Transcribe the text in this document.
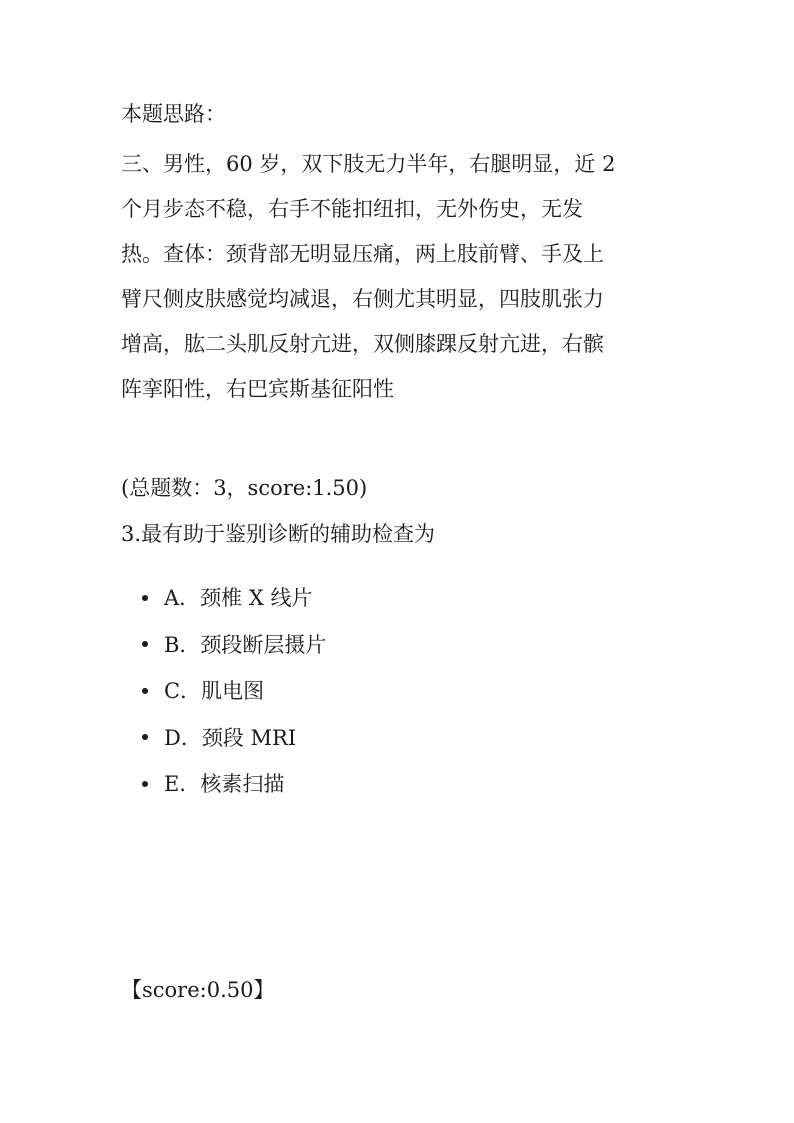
本题思路：
三、男性，60 岁，双下肢无力半年，右腿明显，近 2
个月步态不稳，右手不能扣纽扣，无外伤史，无发
热。查体：颈背部无明显压痛，两上肢前臂、手及上
臂尺侧皮肤感觉均减退，右侧尤其明显，四肢肌张力
增高，肱二头肌反射亢进，双侧膝踝反射亢进，右髌
阵挛阳性，右巴宾斯基征阳性
(总题数：3，score:1.50)
3.最有助于鉴别诊断的辅助检查为
A．颈椎 X 线片
B．颈段断层摄片
C．肌电图
D．颈段 MRI
E．核素扫描
【score:0.50】
